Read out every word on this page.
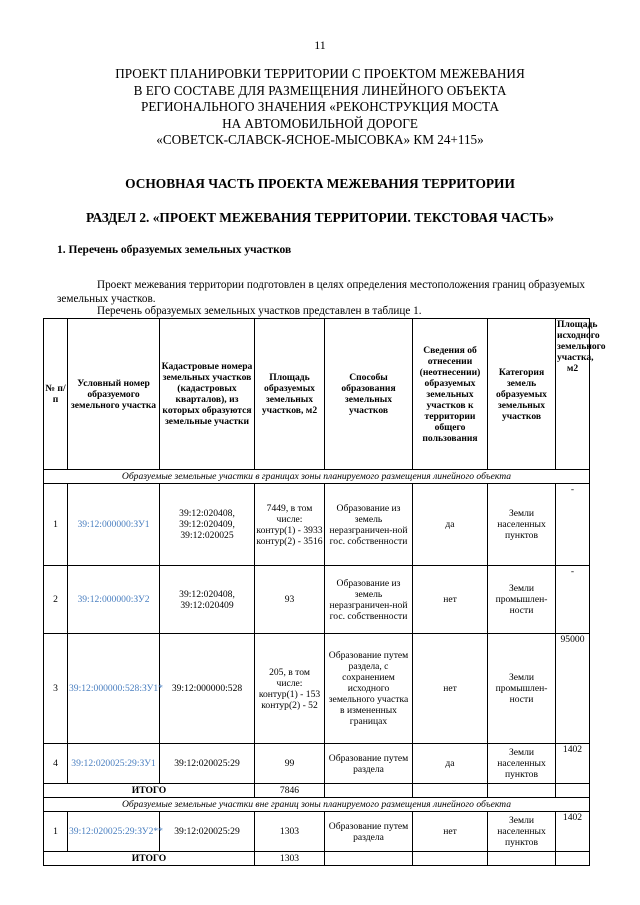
11
ПРОЕКТ ПЛАНИРОВКИ ТЕРРИТОРИИ С ПРОЕКТОМ МЕЖЕВАНИЯ
В ЕГО СОСТАВЕ ДЛЯ РАЗМЕЩЕНИЯ ЛИНЕЙНОГО ОБЪЕКТА
РЕГИОНАЛЬНОГО ЗНАЧЕНИЯ «РЕКОНСТРУКЦИЯ МОСТА
НА АВТОМОБИЛЬНОЙ ДОРОГЕ
«СОВЕТСК-СЛАВСК-ЯСНОЕ-МЫСОВКА» КМ 24+115»
ОСНОВНАЯ ЧАСТЬ ПРОЕКТА МЕЖЕВАНИЯ ТЕРРИТОРИИ
РАЗДЕЛ 2. «ПРОЕКТ МЕЖЕВАНИЯ ТЕРРИТОРИИ. ТЕКСТОВАЯ ЧАСТЬ»
1. Перечень образуемых земельных участков
Проект межевания территории подготовлен в целях определения местоположения границ образуемых земельных участков.
Перечень образуемых земельных участков представлен в таблице 1.
№ п/п	Условный номер образуемого земельного участка	Кадастровые номера земельных участков (кадастровых кварталов), из которых образуются земельные участки	Площадь образуемых земельных участков, м2	Способы образования земельных участков	Сведения об отнесении (неотнесении) образуемых земельных участков к территории общего пользования	Категория земель образуемых земельных участков	Площадь исходного земельного участка, м2
Образуемые земельные участки в границах зоны планируемого размещения линейного объекта							
1	39:12:000000:ЗУ1	39:12:020408, 39:12:020409, 39:12:020025	7449, в том числе: контур(1) - 3933 контур(2) - 3516	Образование из земель неразграничен-ной гос. собственности	да	Земли населенных пунктов	-
2	39:12:000000:ЗУ2	39:12:020408, 39:12:020409	93	Образование из земель неразграничен-ной гос. собственности	нет	Земли промышлен-ности	-
3	39:12:000000:528:ЗУ1*	39:12:000000:528	205, в том числе: контур(1) - 153 контур(2) - 52	Образование путем раздела, с сохранением исходного земельного участка в измененных границах	нет	Земли промышлен-ности	95000
4	39:12:020025:29:ЗУ1	39:12:020025:29	99	Образование путем раздела	да	Земли населенных пунктов	1402
ИТОГО			7846				
Образуемые земельные участки вне границ зоны планируемого размещения линейного объекта							
1	39:12:020025:29:ЗУ2**	39:12:020025:29	1303	Образование путем раздела	нет	Земли населенных пунктов	1402
ИТОГО			1303				
